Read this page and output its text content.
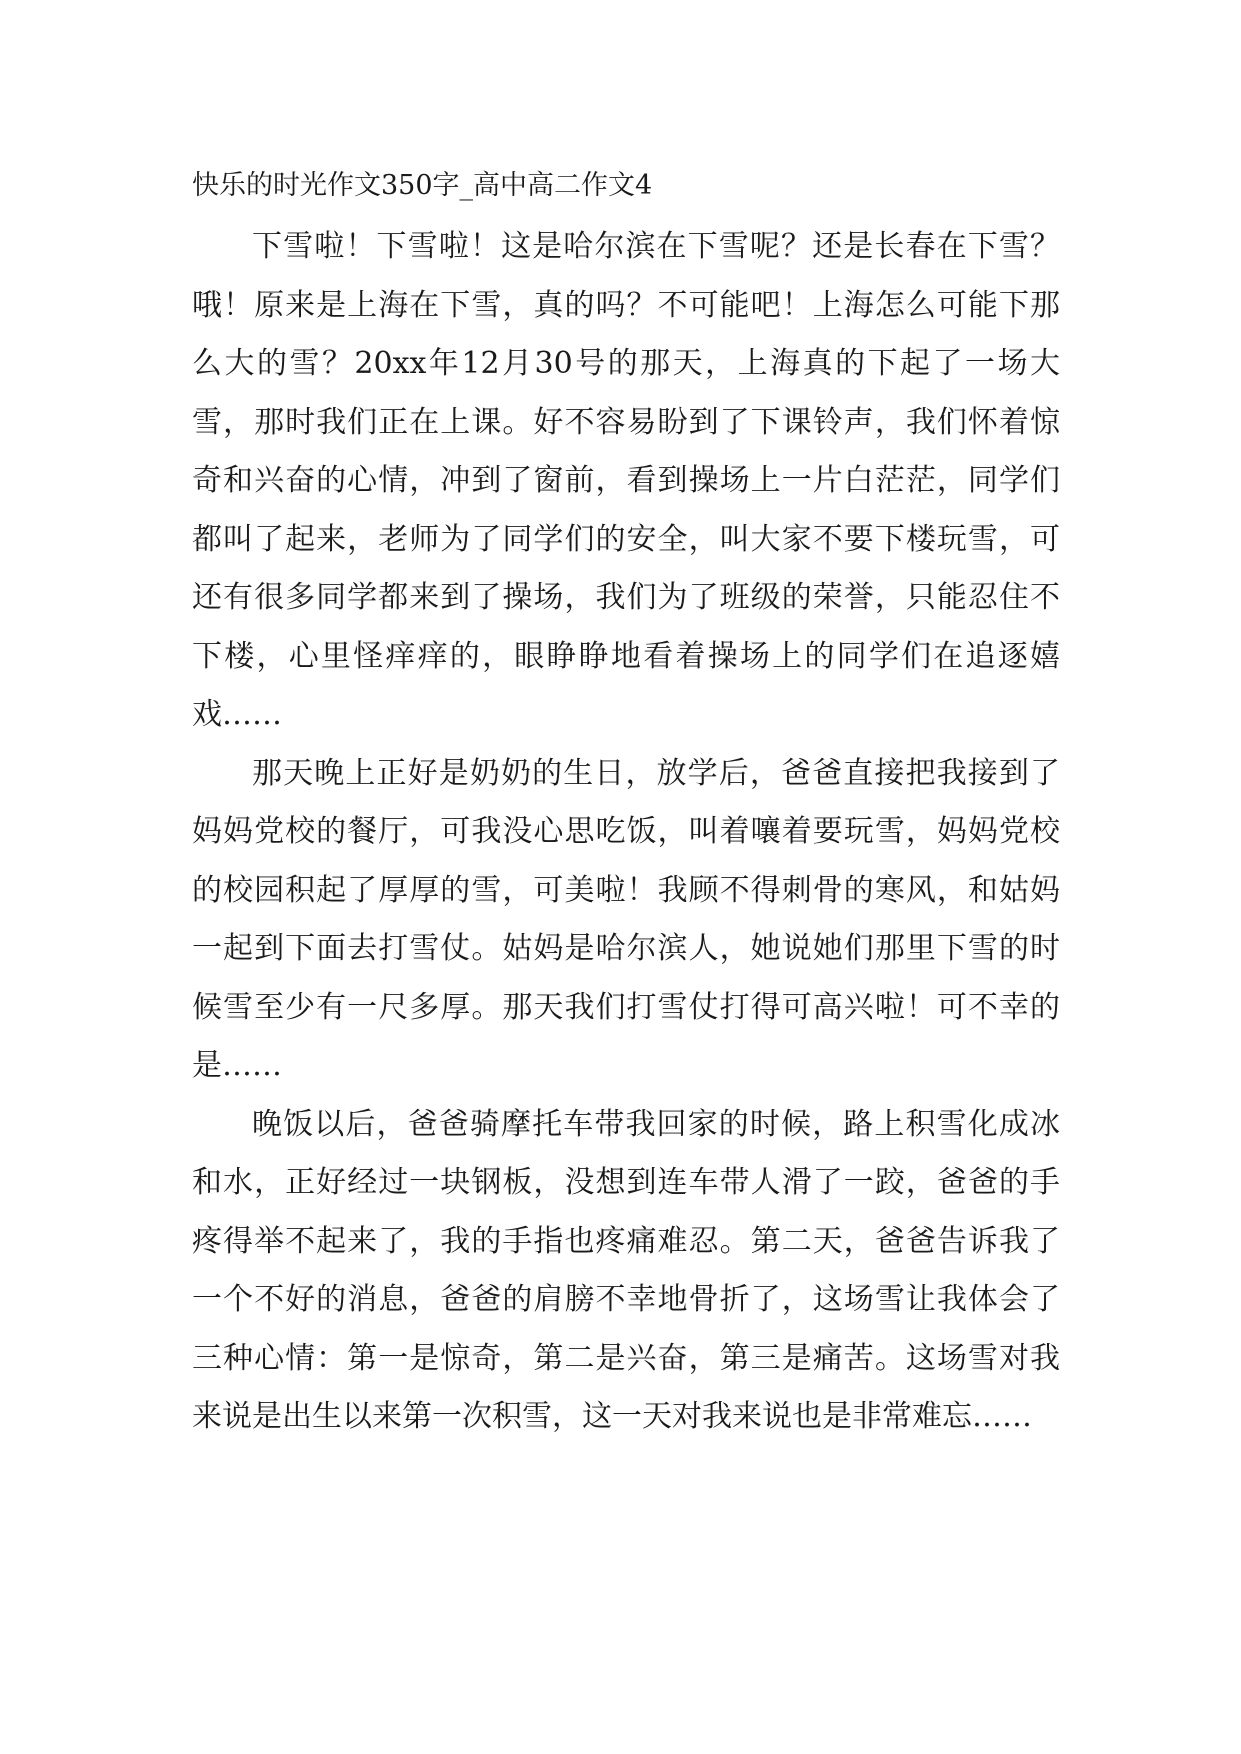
快乐的时光作文350字_高中高二作文4

下雪啦！下雪啦！这是哈尔滨在下雪呢？还是长春在下雪？哦！原来是上海在下雪，真的吗？不可能吧！上海怎么可能下那么大的雪？20xx年12月30号的那天，上海真的下起了一场大雪，那时我们正在上课。好不容易盼到了下课铃声，我们怀着惊奇和兴奋的心情，冲到了窗前，看到操场上一片白茫茫，同学们都叫了起来，老师为了同学们的安全，叫大家不要下楼玩雪，可还有很多同学都来到了操场，我们为了班级的荣誉，只能忍住不下楼，心里怪痒痒的，眼睁睁地看着操场上的同学们在追逐嬉戏……

那天晚上正好是奶奶的生日，放学后，爸爸直接把我接到了妈妈党校的餐厅，可我没心思吃饭，叫着嚷着要玩雪，妈妈党校的校园积起了厚厚的雪，可美啦！我顾不得刺骨的寒风，和姑妈一起到下面去打雪仗。姑妈是哈尔滨人，她说她们那里下雪的时候雪至少有一尺多厚。那天我们打雪仗打得可高兴啦！可不幸的是……

晚饭以后，爸爸骑摩托车带我回家的时候，路上积雪化成冰和水，正好经过一块钢板，没想到连车带人滑了一跤，爸爸的手疼得举不起来了，我的手指也疼痛难忍。第二天，爸爸告诉我了一个不好的消息，爸爸的肩膀不幸地骨折了，这场雪让我体会了三种心情：第一是惊奇，第二是兴奋，第三是痛苦。这场雪对我来说是出生以来第一次积雪，这一天对我来说也是非常难忘……
